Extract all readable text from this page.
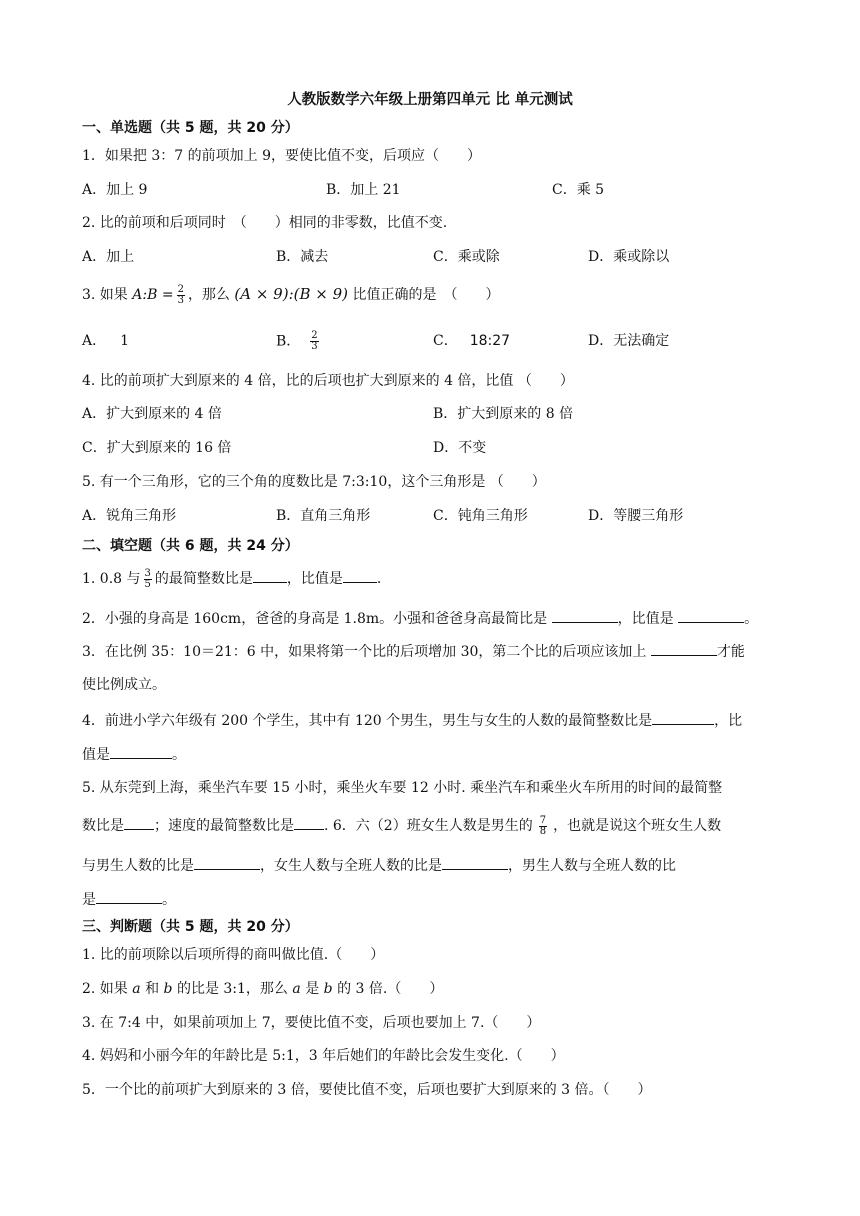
人教版数学六年级上册第四单元 比 单元测试
一、单选题（共 5 题，共 20 分）
1．如果把 3：7 的前项加上 9，要使比值不变，后项应（　　）
A．加上 9	B．加上 21	C．乘 5
2. 比的前项和后项同时　（　　）相同的非零数，比值不变.
A．加上	B．减去	C．乘或除	D．乘或除以
3. 如果 A:B = $\frac{2}{3}$ ，那么 (A × 9):(B × 9) 比值正确的是　（　　）
A． 1	B． $\frac{2}{3}$	C． 18:27	D．无法确定
4. 比的前项扩大到原来的 4 倍，比的后项也扩大到原来的 4 倍，比值 （　　）
A．扩大到原来的 4 倍	B．扩大到原来的 8 倍
C．扩大到原来的 16 倍	D．不变
5. 有一个三角形，它的三个角的度数比是 7:3:10，这个三角形是 （　　）
A．锐角三角形	B．直角三角形	C．钝角三角形	D．等腰三角形
二、填空题（共 6 题，共 24 分）
1. 0.8 与 $\frac{3}{5}$ 的最简整数比是 ，比值是 .
2．小强的身高是 160cm，爸爸的身高是 1.8m。小强和爸爸身高最简比是	，比值是	。
3．在比例 35：10＝21：6 中，如果将第一个比的后项增加 30，第二个比的后项应该加上	才能
使比例成立。
4．前进小学六年级有 200 个学生，其中有 120 个男生，男生与女生的人数的最简整数比是	，比
值是	。
5. 从东莞到上海，乘坐汽车要 15 小时，乘坐火车要 12 小时. 乘坐汽车和乘坐火车所用的时间的最简整
数比是 ；速度的最简整数比是 . 6．六（2）班女生人数是男生的 $\frac{7}{8}$ ，也就是说这个班女生人数
与男生人数的比是	，女生人数与全班人数的比是	，男生人数与全班人数的比
是	。
三、判断题（共 5 题，共 20 分）
1. 比的前项除以后项所得的商叫做比值.（　　）
2. 如果 a 和 b 的比是 3:1，那么 a 是 b 的 3 倍.（　　）
3. 在 7:4 中，如果前项加上 7，要使比值不变，后项也要加上 7.（　　）
4. 妈妈和小丽今年的年龄比是 5:1，3 年后她们的年龄比会发生变化.（　　）
5．一个比的前项扩大到原来的 3 倍，要使比值不变，后项也要扩大到原来的 3 倍。（　　）
